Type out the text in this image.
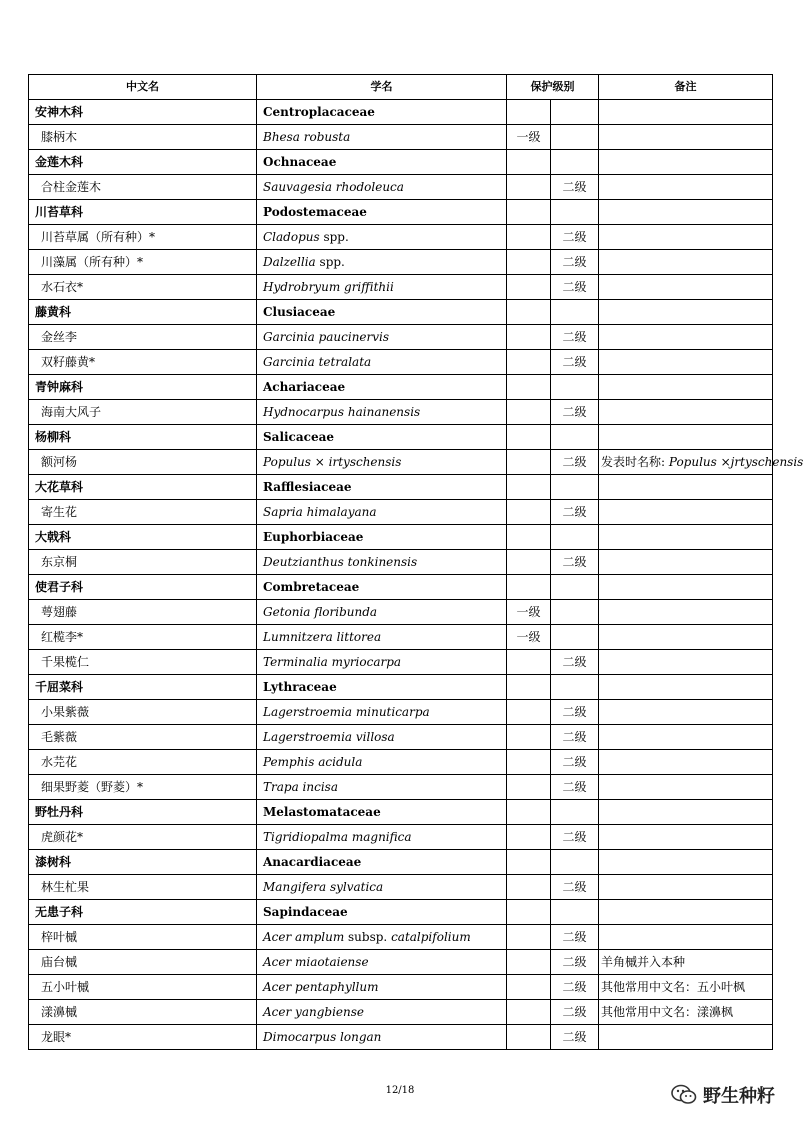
中文名	学名	保护级别		备注
安神木科	Centroplacaceae			
膝柄木	Bhesa robusta	一级		
金莲木科	Ochnaceae			
合柱金莲木	Sauvagesia rhodoleuca		二级	
川苔草科	Podostemaceae			
川苔草属（所有种）*	Cladopus spp.		二级	
川藻属（所有种）*	Dalzellia spp.		二级	
水石衣*	Hydrobryum griffithii		二级	
藤黄科	Clusiaceae			
金丝李	Garcinia paucinervis		二级	
双籽藤黄*	Garcinia tetralata		二级	
青钟麻科	Achariaceae			
海南大风子	Hydnocarpus hainanensis		二级	
杨柳科	Salicaceae			
额河杨	Populus × irtyschensis		二级	发表时名称: Populus ×jrtyschensis
大花草科	Rafflesiaceae			
寄生花	Sapria himalayana		二级	
大戟科	Euphorbiaceae			
东京桐	Deutzianthus tonkinensis		二级	
使君子科	Combretaceae			
萼翅藤	Getonia floribunda	一级		
红榄李*	Lumnitzera littorea	一级		
千果榄仁	Terminalia myriocarpa		二级	
千屈菜科	Lythraceae			
小果紫薇	Lagerstroemia minuticarpa		二级	
毛紫薇	Lagerstroemia villosa		二级	
水芫花	Pemphis acidula		二级	
细果野菱（野菱）*	Trapa incisa		二级	
野牡丹科	Melastomataceae			
虎颜花*	Tigridiopalma magnifica		二级	
漆树科	Anacardiaceae			
林生杧果	Mangifera sylvatica		二级	
无患子科	Sapindaceae			
梓叶槭	Acer amplum subsp. catalpifolium		二级	
庙台槭	Acer miaotaiense		二级	羊角槭并入本种
五小叶槭	Acer pentaphyllum		二级	其他常用中文名：五小叶枫
漾濞槭	Acer yangbiense		二级	其他常用中文名：漾濞枫
龙眼*	Dimocarpus longan		二级	
12/18	野生种籽
